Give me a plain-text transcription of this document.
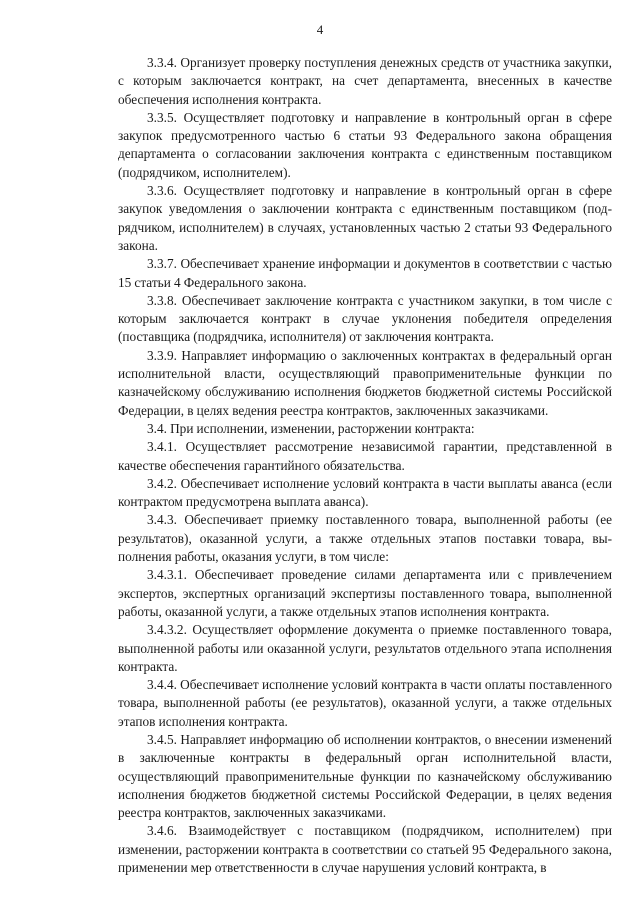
4

3.3.4. Организует проверку поступления денежных средств от участника закупки, с которым заключается контракт, на счет департамента, внесенных в качестве обеспечения исполнения контракта.

3.3.5. Осуществляет подготовку и направление в контрольный орган в сфере закупок предусмотренного частью 6 статьи 93 Федерального закона обращения департамента о согласовании заключения контракта с единственным поставщиком (подрядчиком, исполнителем).

3.3.6. Осуществляет подготовку и направление в контрольный орган в сфере закупок уведомления о заключении контракта с единственным поставщиком (подрядчиком, исполнителем) в случаях, установленных частью 2 статьи 93 Федерального закона.

3.3.7. Обеспечивает хранение информации и документов в соответствии с частью 15 статьи 4 Федерального закона.

3.3.8. Обеспечивает заключение контракта с участником закупки, в том числе с которым заключается контракт в случае уклонения победителя определения (поставщика (подрядчика, исполнителя) от заключения контракта.

3.3.9. Направляет информацию о заключенных контрактах в федеральный орган исполнительной власти, осуществляющий правоприменительные функции по казначейскому обслуживанию исполнения бюджетов бюджетной системы Российской Федерации, в целях ведения реестра контрактов, заключенных заказчиками.

3.4. При исполнении, изменении, расторжении контракта:

3.4.1. Осуществляет рассмотрение независимой гарантии, представленной в качестве обеспечения гарантийного обязательства.

3.4.2. Обеспечивает исполнение условий контракта в части выплаты аванса (если контрактом предусмотрена выплата аванса).

3.4.3. Обеспечивает приемку поставленного товара, выполненной работы (ее результатов), оказанной услуги, а также отдельных этапов поставки товара, выполнения работы, оказания услуги, в том числе:

3.4.3.1. Обеспечивает проведение силами департамента или с привлечением экспертов, экспертных организаций экспертизы поставленного товара, выполненной работы, оказанной услуги, а также отдельных этапов исполнения контракта.

3.4.3.2. Осуществляет оформление документа о приемке поставленного товара, выполненной работы или оказанной услуги, результатов отдельного этапа исполнения контракта.

3.4.4. Обеспечивает исполнение условий контракта в части оплаты поставленного товара, выполненной работы (ее результатов), оказанной услуги, а также отдельных этапов исполнения контракта.

3.4.5. Направляет информацию об исполнении контрактов, о внесении изменений в заключенные контракты в федеральный орган исполнительной власти, осуществляющий правоприменительные функции по казначейскому обслуживанию исполнения бюджетов бюджетной системы Российской Федерации, в целях ведения реестра контрактов, заключенных заказчиками.

3.4.6. Взаимодействует с поставщиком (подрядчиком, исполнителем) при изменении, расторжении контракта в соответствии со статьей 95 Федерального закона, применении мер ответственности в случае нарушения условий контракта, в
